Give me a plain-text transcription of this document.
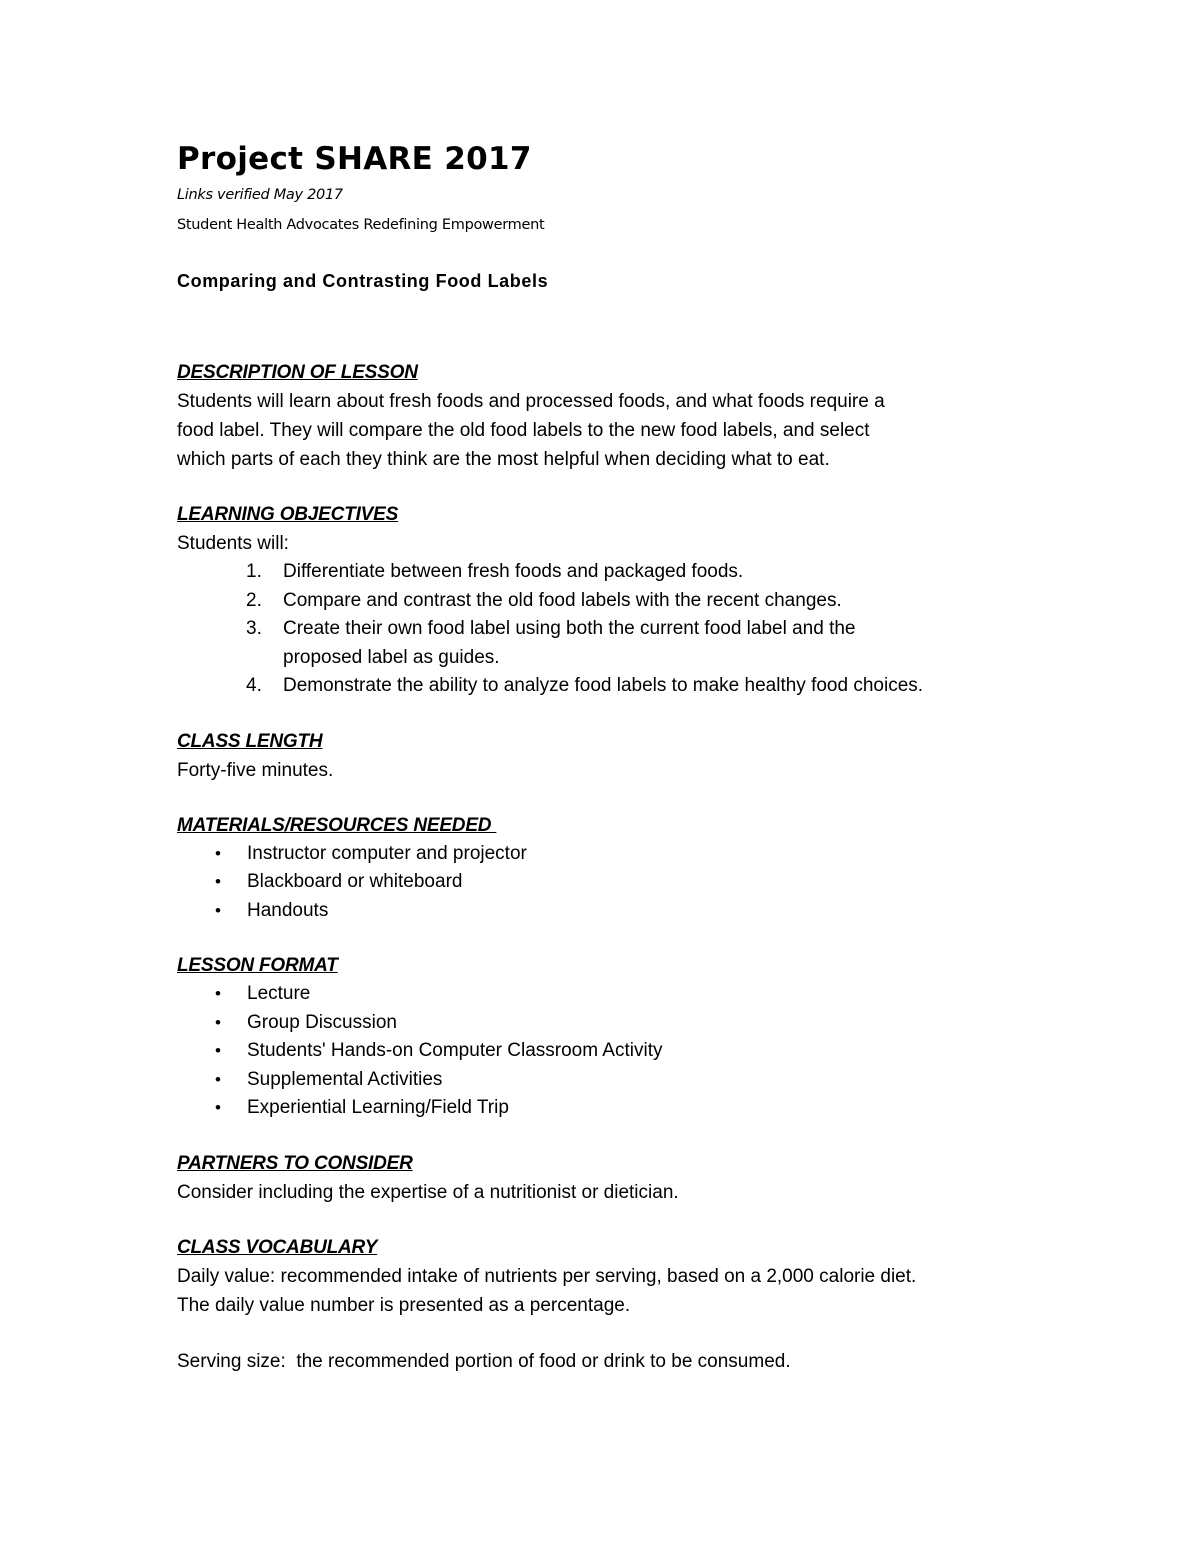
Project SHARE 2017
Links verified May 2017
Student Health Advocates Redefining Empowerment
Comparing and Contrasting Food Labels
DESCRIPTION OF LESSON
Students will learn about fresh foods and processed foods, and what foods require a
food label. They will compare the old food labels to the new food labels, and select
which parts of each they think are the most helpful when deciding what to eat.
LEARNING OBJECTIVES
Students will:
1.	Differentiate between fresh foods and packaged foods.
2.	Compare and contrast the old food labels with the recent changes.
3.	Create their own food label using both the current food label and the
proposed label as guides.
4.	Demonstrate the ability to analyze food labels to make healthy food choices.
CLASS LENGTH
Forty-five minutes.
MATERIALS/RESOURCES NEEDED
• Instructor computer and projector
• Blackboard or whiteboard
• Handouts
LESSON FORMAT
• Lecture
• Group Discussion
• Students' Hands-on Computer Classroom Activity
• Supplemental Activities
• Experiential Learning/Field Trip
PARTNERS TO CONSIDER
Consider including the expertise of a nutritionist or dietician.
CLASS VOCABULARY
Daily value: recommended intake of nutrients per serving, based on a 2,000 calorie diet.
The daily value number is presented as a percentage.
Serving size:  the recommended portion of food or drink to be consumed.
